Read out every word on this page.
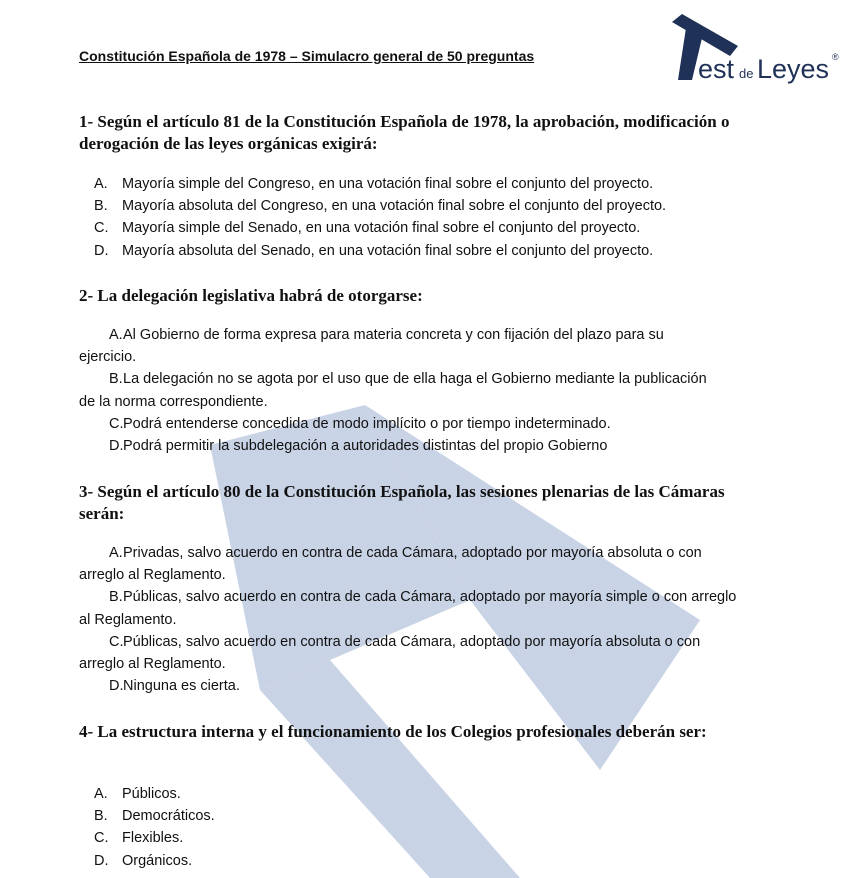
Constitución Española de 1978 – Simulacro general de 50 preguntas	est de Leyes ®
1- Según el artículo 81 de la Constitución Española de 1978, la aprobación, modificación o derogación de las leyes orgánicas exigirá:
A. Mayoría simple del Congreso, en una votación final sobre el conjunto del proyecto.
B. Mayoría absoluta del Congreso, en una votación final sobre el conjunto del proyecto.
C. Mayoría simple del Senado, en una votación final sobre el conjunto del proyecto.
D. Mayoría absoluta del Senado, en una votación final sobre el conjunto del proyecto.
2- La delegación legislativa habrá de otorgarse:
A.Al Gobierno de forma expresa para materia concreta y con fijación del plazo para su ejercicio.
B.La delegación no se agota por el uso que de ella haga el Gobierno mediante la publicación de la norma correspondiente.
C.Podrá entenderse concedida de modo implícito o por tiempo indeterminado.
D.Podrá permitir la subdelegación a autoridades distintas del propio Gobierno
3- Según el artículo 80 de la Constitución Española, las sesiones plenarias de las Cámaras serán:
A.Privadas, salvo acuerdo en contra de cada Cámara, adoptado por mayoría absoluta o con arreglo al Reglamento.
B.Públicas, salvo acuerdo en contra de cada Cámara, adoptado por mayoría simple o con arreglo al Reglamento.
C.Públicas, salvo acuerdo en contra de cada Cámara, adoptado por mayoría absoluta o con arreglo al Reglamento.
D.Ninguna es cierta.
4- La estructura interna y el funcionamiento de los Colegios profesionales deberán ser:
A. Públicos.
B. Democráticos.
C. Flexibles.
D. Orgánicos.
